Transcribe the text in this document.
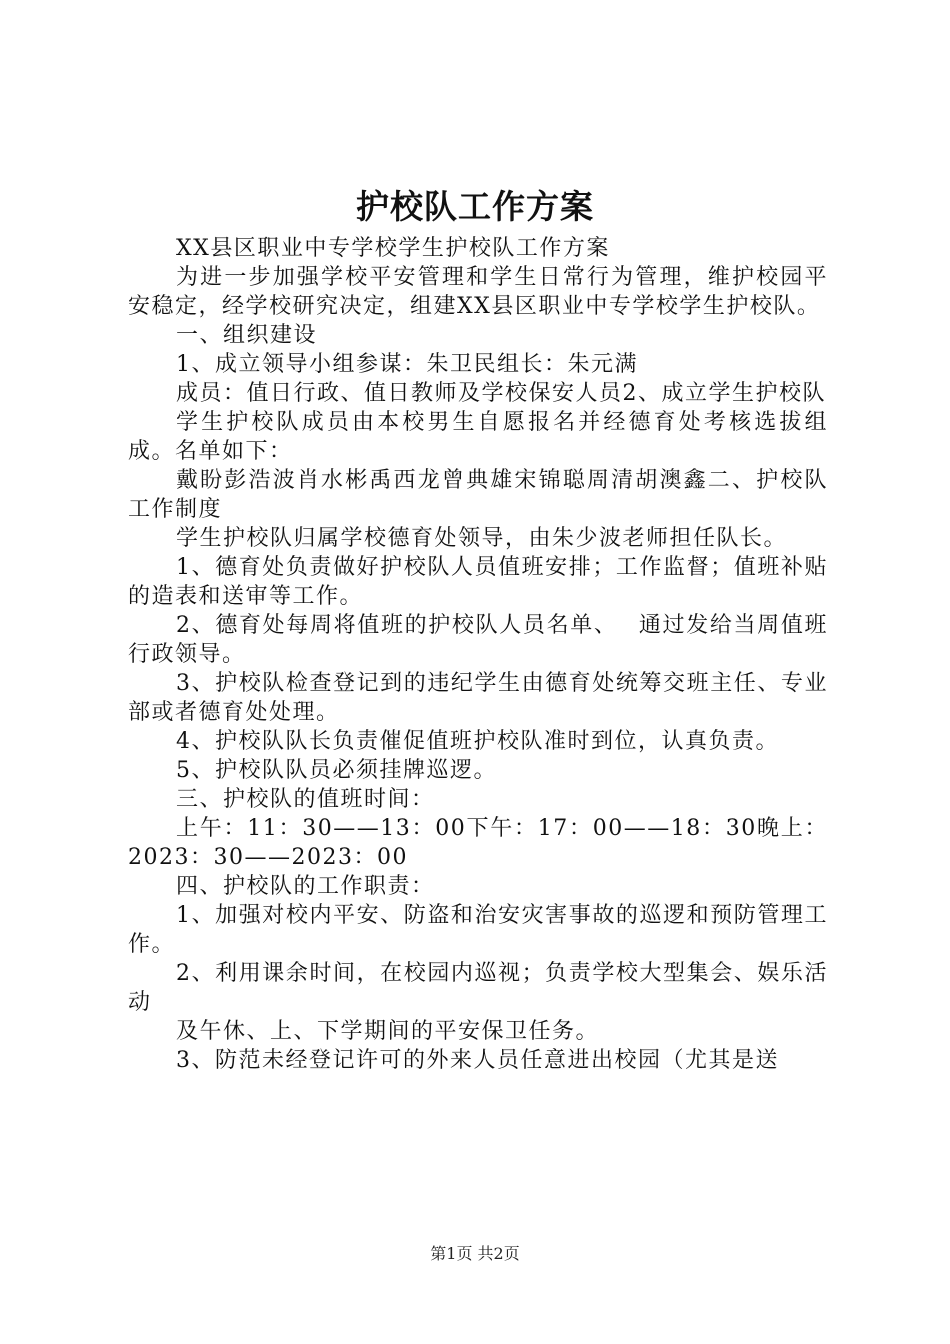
护校队工作方案

XX县区职业中专学校学生护校队工作方案

为进一步加强学校平安管理和学生日常行为管理，维护校园平安稳定，经学校研究决定，组建XX县区职业中专学校学生护校队。

一、组织建设

1、成立领导小组参谋：朱卫民组长：朱元满

成员：值日行政、值日教师及学校保安人员2、成立学生护校队

学生护校队成员由本校男生自愿报名并经德育处考核选拔组成。名单如下：

戴盼彭浩波肖水彬禹西龙曾典雄宋锦聪周清胡澳鑫二、护校队工作制度

学生护校队归属学校德育处领导，由朱少波老师担任队长。

1、德育处负责做好护校队人员值班安排；工作监督；值班补贴的造表和送审等工作。

2、德育处每周将值班的护校队人员名单、　 通过发给当周值班行政领导。

3、护校队检查登记到的违纪学生由德育处统筹交班主任、专业部或者德育处处理。

4、护校队队长负责催促值班护校队准时到位，认真负责。

5、护校队队员必须挂牌巡逻。

三、护校队的值班时间：

上午：11：30——13：00下午：17：00——18：30晚上：2023：30——2023：00

四、护校队的工作职责：

1、加强对校内平安、防盗和治安灾害事故的巡逻和预防管理工作。

2、利用课余时间，在校园内巡视；负责学校大型集会、娱乐活动

及午休、上、下学期间的平安保卫任务。

3、防范未经登记许可的外来人员任意进出校园（尤其是送

第1页 共2页
